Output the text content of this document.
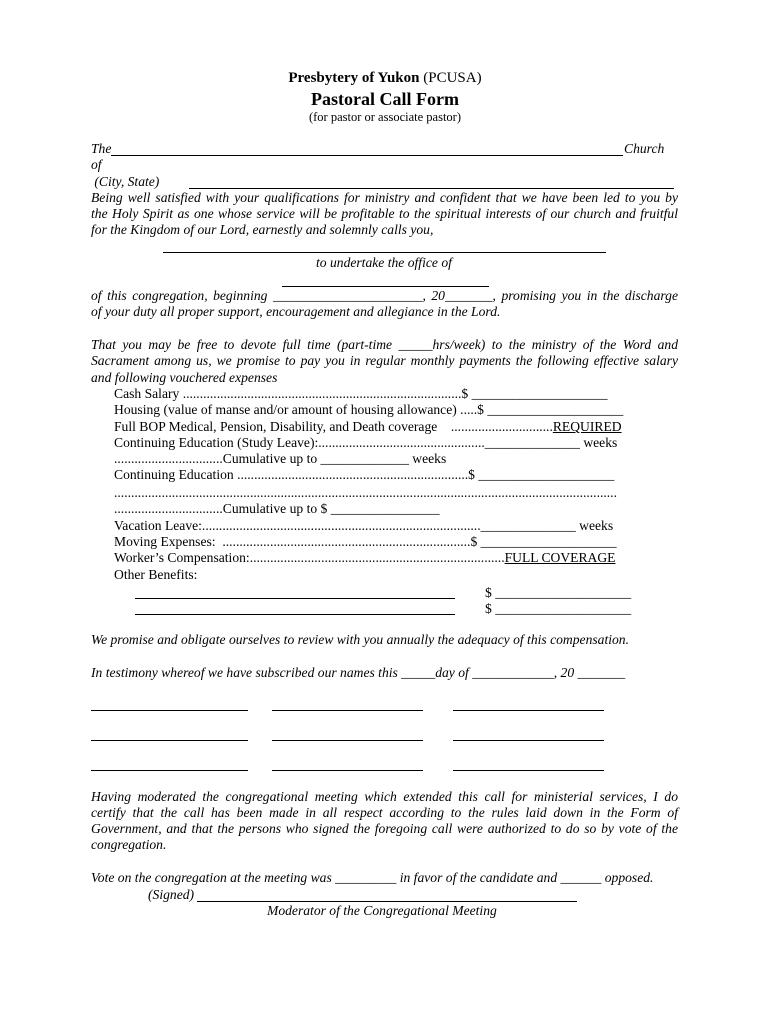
Presbytery of Yukon (PCUSA)
Pastoral Call Form
(for pastor or associate pastor)
The	Church
of
(City, State)
Being well satisfied with your qualifications for ministry and confident that we have been led to you by
the Holy Spirit as one whose service will be profitable to the spiritual interests of our church and fruitful
for the Kingdom of our Lord, earnestly and solemnly calls you,
to undertake the office of
of this congregation, beginning ______________________, 20_______, promising you in the discharge
of your duty all proper support, encouragement and allegiance in the Lord.
That you may be free to devote full time (part-time _____hrs/week) to the ministry of the Word and
Sacrament among us, we promise to pay you in regular monthly payments the following effective salary
and following vouchered expenses
Cash Salary ..................................................................................$ ____________________
Housing (value of manse and/or amount of housing allowance) .....$ ____________________
Full BOP Medical, Pension, Disability, and Death coverage    ..............................REQUIRED
Continuing Education (Study Leave):.................................................______________ weeks
................................Cumulative up to _____________ weeks
Continuing Education ....................................................................$ ____________________
....................................................................................................................................................
................................Cumulative up to $ ________________
Vacation Leave:..................................................................................______________ weeks
Moving Expenses:  .........................................................................$ ____________________
Worker’s Compensation:...........................................................................FULL COVERAGE
Other Benefits:
$ ____________________
$ ____________________
We promise and obligate ourselves to review with you annually the adequacy of this compensation.
In testimony whereof we have subscribed our names this _____day of ____________, 20 _______
Having moderated the congregational meeting which extended this call for ministerial services, I do
certify that the call has been made in all respect according to the rules laid down in the Form of
Government, and that the persons who signed the foregoing call were authorized to do so by vote of the
congregation.
Vote on the congregation at the meeting was _________ in favor of the candidate and ______ opposed.
(Signed)
Moderator of the Congregational Meeting
